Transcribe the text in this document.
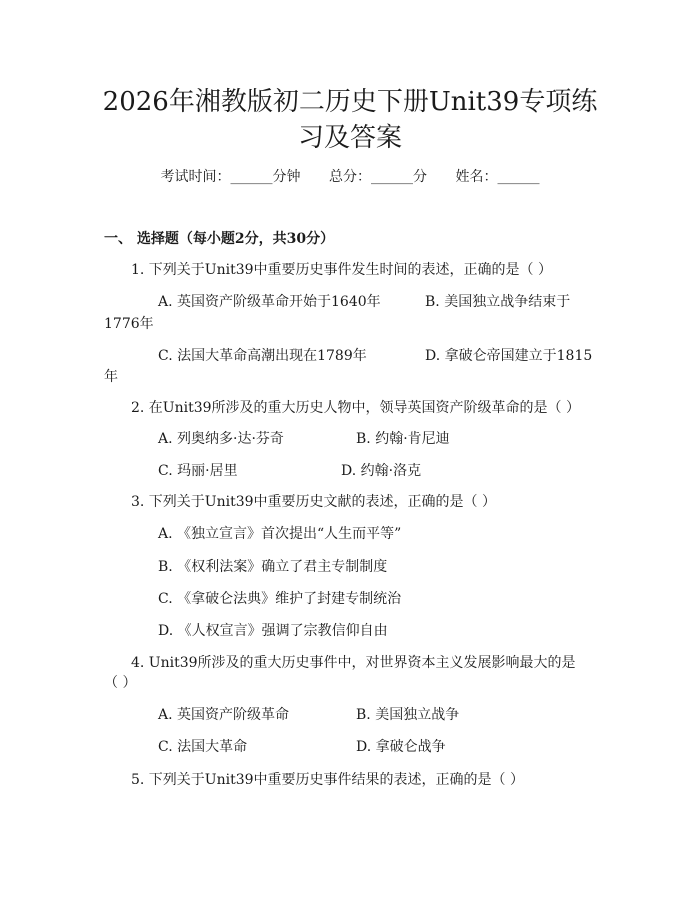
2026年湘教版初二历史下册Unit39专项练
习及答案
考试时间：______分钟 总分：______分 姓名：______
一、 选择题（每小题2分，共30分）
1. 下列关于Unit39中重要历史事件发生时间的表述，正确的是（ ）
A. 英国资产阶级革命开始于1640年	B. 美国独立战争结束于
1776年
C. 法国大革命高潮出现在1789年	D. 拿破仑帝国建立于1815
年
2. 在Unit39所涉及的重大历史人物中，领导英国资产阶级革命的是（ ）
A. 列奥纳多·达·芬奇	B. 约翰·肯尼迪
C. 玛丽·居里	D. 约翰·洛克
3. 下列关于Unit39中重要历史文献的表述，正确的是（ ）
A. 《独立宣言》首次提出“人生而平等”
B. 《权利法案》确立了君主专制制度
C. 《拿破仑法典》维护了封建专制统治
D. 《人权宣言》强调了宗教信仰自由
4. Unit39所涉及的重大历史事件中，对世界资本主义发展影响最大的是
（ ）
A. 英国资产阶级革命	B. 美国独立战争
C. 法国大革命	D. 拿破仑战争
5. 下列关于Unit39中重要历史事件结果的表述，正确的是（ ）
